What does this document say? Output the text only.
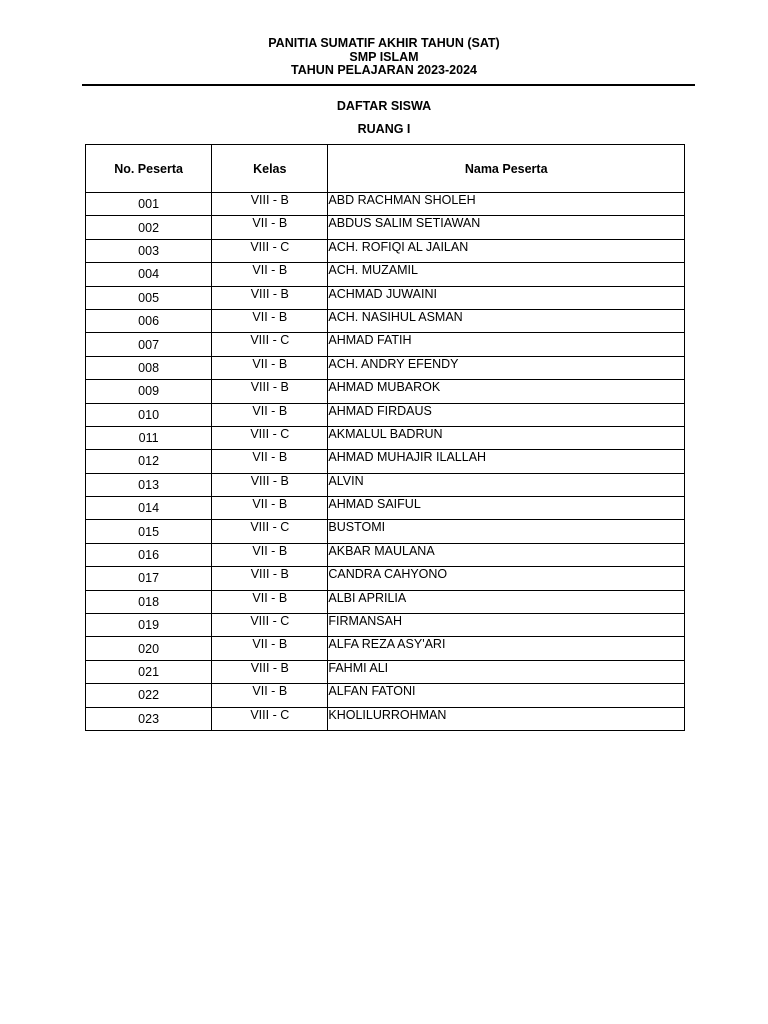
PANITIA SUMATIF AKHIR TAHUN (SAT)
SMP ISLAM
TAHUN PELAJARAN 2023-2024
DAFTAR SISWA
RUANG I
No. Peserta	Kelas	Nama Peserta
001	VIII - B	ABD RACHMAN SHOLEH
002	VII - B	ABDUS SALIM SETIAWAN
003	VIII - C	ACH. ROFIQI AL JAILAN
004	VII - B	ACH. MUZAMIL
005	VIII - B	ACHMAD JUWAINI
006	VII - B	ACH. NASIHUL ASMAN
007	VIII - C	AHMAD FATIH
008	VII - B	ACH. ANDRY EFENDY
009	VIII - B	AHMAD MUBAROK
010	VII - B	AHMAD FIRDAUS
011	VIII - C	AKMALUL BADRUN
012	VII - B	AHMAD MUHAJIR ILALLAH
013	VIII - B	ALVIN
014	VII - B	AHMAD SAIFUL
015	VIII - C	BUSTOMI
016	VII - B	AKBAR MAULANA
017	VIII - B	CANDRA CAHYONO
018	VII - B	ALBI APRILIA
019	VIII - C	FIRMANSAH
020	VII - B	ALFA REZA ASY'ARI
021	VIII - B	FAHMI ALI
022	VII - B	ALFAN FATONI
023	VIII - C	KHOLILURROHMAN
